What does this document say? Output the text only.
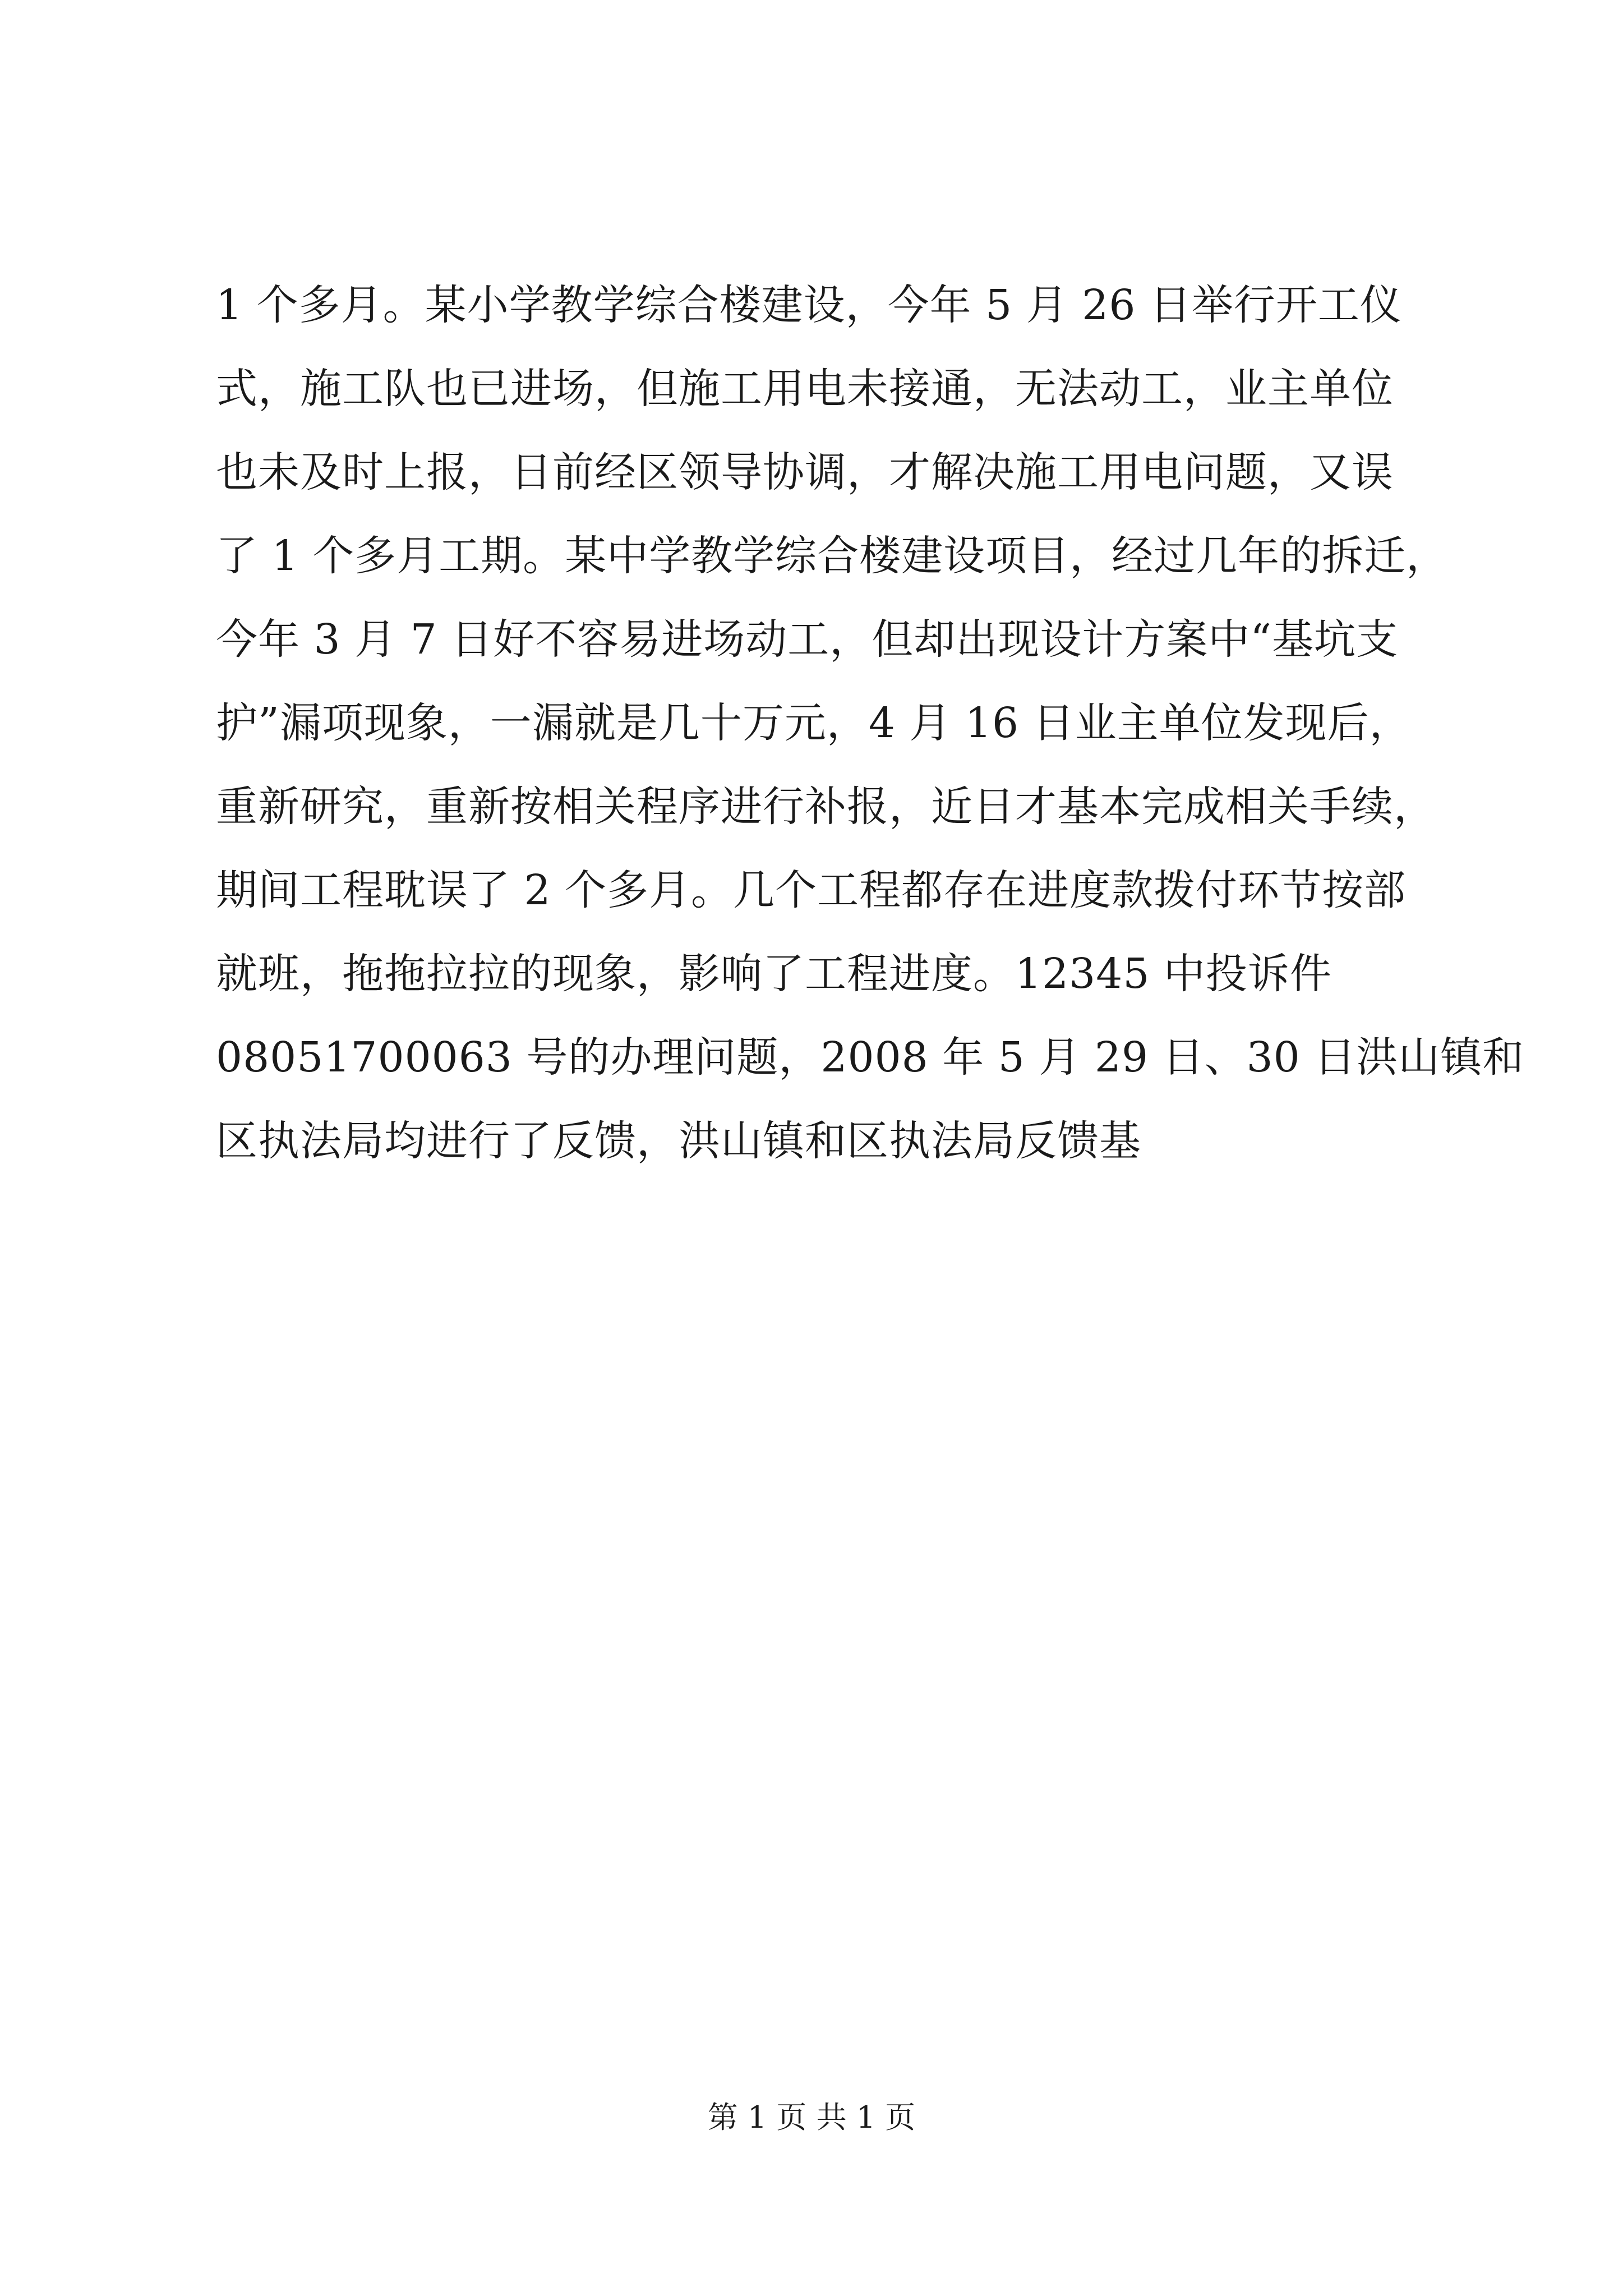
1 个多月。某小学教学综合楼建设，今年 5 月 26 日举行开工仪
式，施工队也已进场，但施工用电未接通，无法动工，业主单位
也未及时上报，日前经区领导协调，才解决施工用电问题，又误
了 1 个多月工期。某中学教学综合楼建设项目，经过几年的拆迁，
今年 3 月 7 日好不容易进场动工，但却出现设计方案中“基坑支
护”漏项现象，一漏就是几十万元，4 月 16 日业主单位发现后，
重新研究，重新按相关程序进行补报，近日才基本完成相关手续，
期间工程耽误了 2 个多月。几个工程都存在进度款拨付环节按部
就班，拖拖拉拉的现象，影响了工程进度。12345 中投诉件
08051700063 号的办理问题，2008 年 5 月 29 日、30 日洪山镇和
区执法局均进行了反馈，洪山镇和区执法局反馈基
第 1 页 共 1 页
